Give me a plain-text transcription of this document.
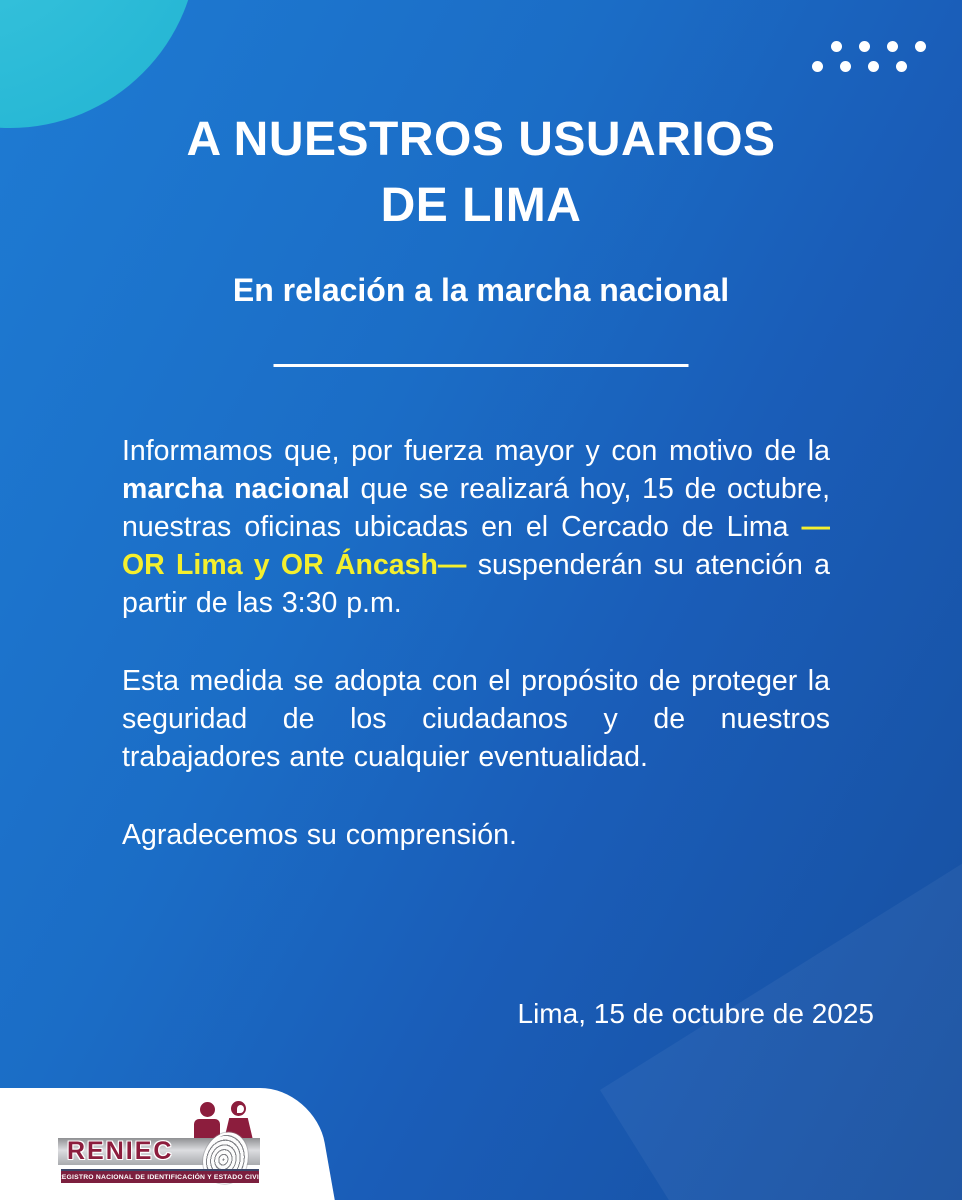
A NUESTROS USUARIOS
DE LIMA
En relación a la marcha nacional

Informamos que, por fuerza mayor y con motivo de la marcha nacional que se realizará hoy, 15 de octubre, nuestras oficinas ubicadas en el Cercado de Lima —OR Lima y OR Áncash— suspenderán su atención a partir de las 3:30 p.m.

Esta medida se adopta con el propósito de proteger la seguridad de los ciudadanos y de nuestros trabajadores ante cualquier eventualidad.

Agradecemos su comprensión.

Lima, 15 de octubre de 2025
RENIEC
REGISTRO NACIONAL DE IDENTIFICACIÓN Y ESTADO CIVIL
